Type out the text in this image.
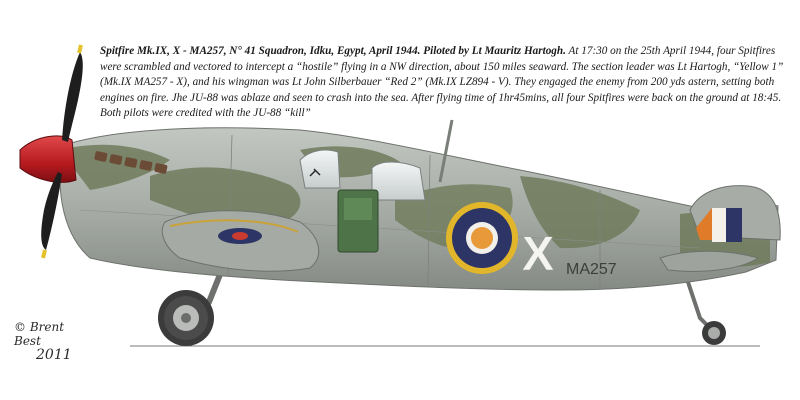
Spitfire Mk.IX, X - MA257, N° 41 Squadron, Idku, Egypt, April 1944. Piloted by Lt Mauritz Hartogh. At 17:30 on the 25th April 1944, four Spitfires were scrambled and vectored to intercept a “hostile” flying in a NW direction, about 150 miles seaward. The section leader was Lt Hartogh, “Yellow 1” (Mk.IX MA257 - X), and his wingman was Lt John Silberbauer “Red 2” (Mk.IX LZ894 - V). They engaged the enemy from 200 yds astern, setting both engines on fire. Jhe JU-88 was ablaze and seen to crash into the sea. After flying time of 1hr45mins, all four Spitfires were back on the ground at 18:45. Both pilots were credited with the JU-88 “kill”
X MA257
© Brent Best
2011
